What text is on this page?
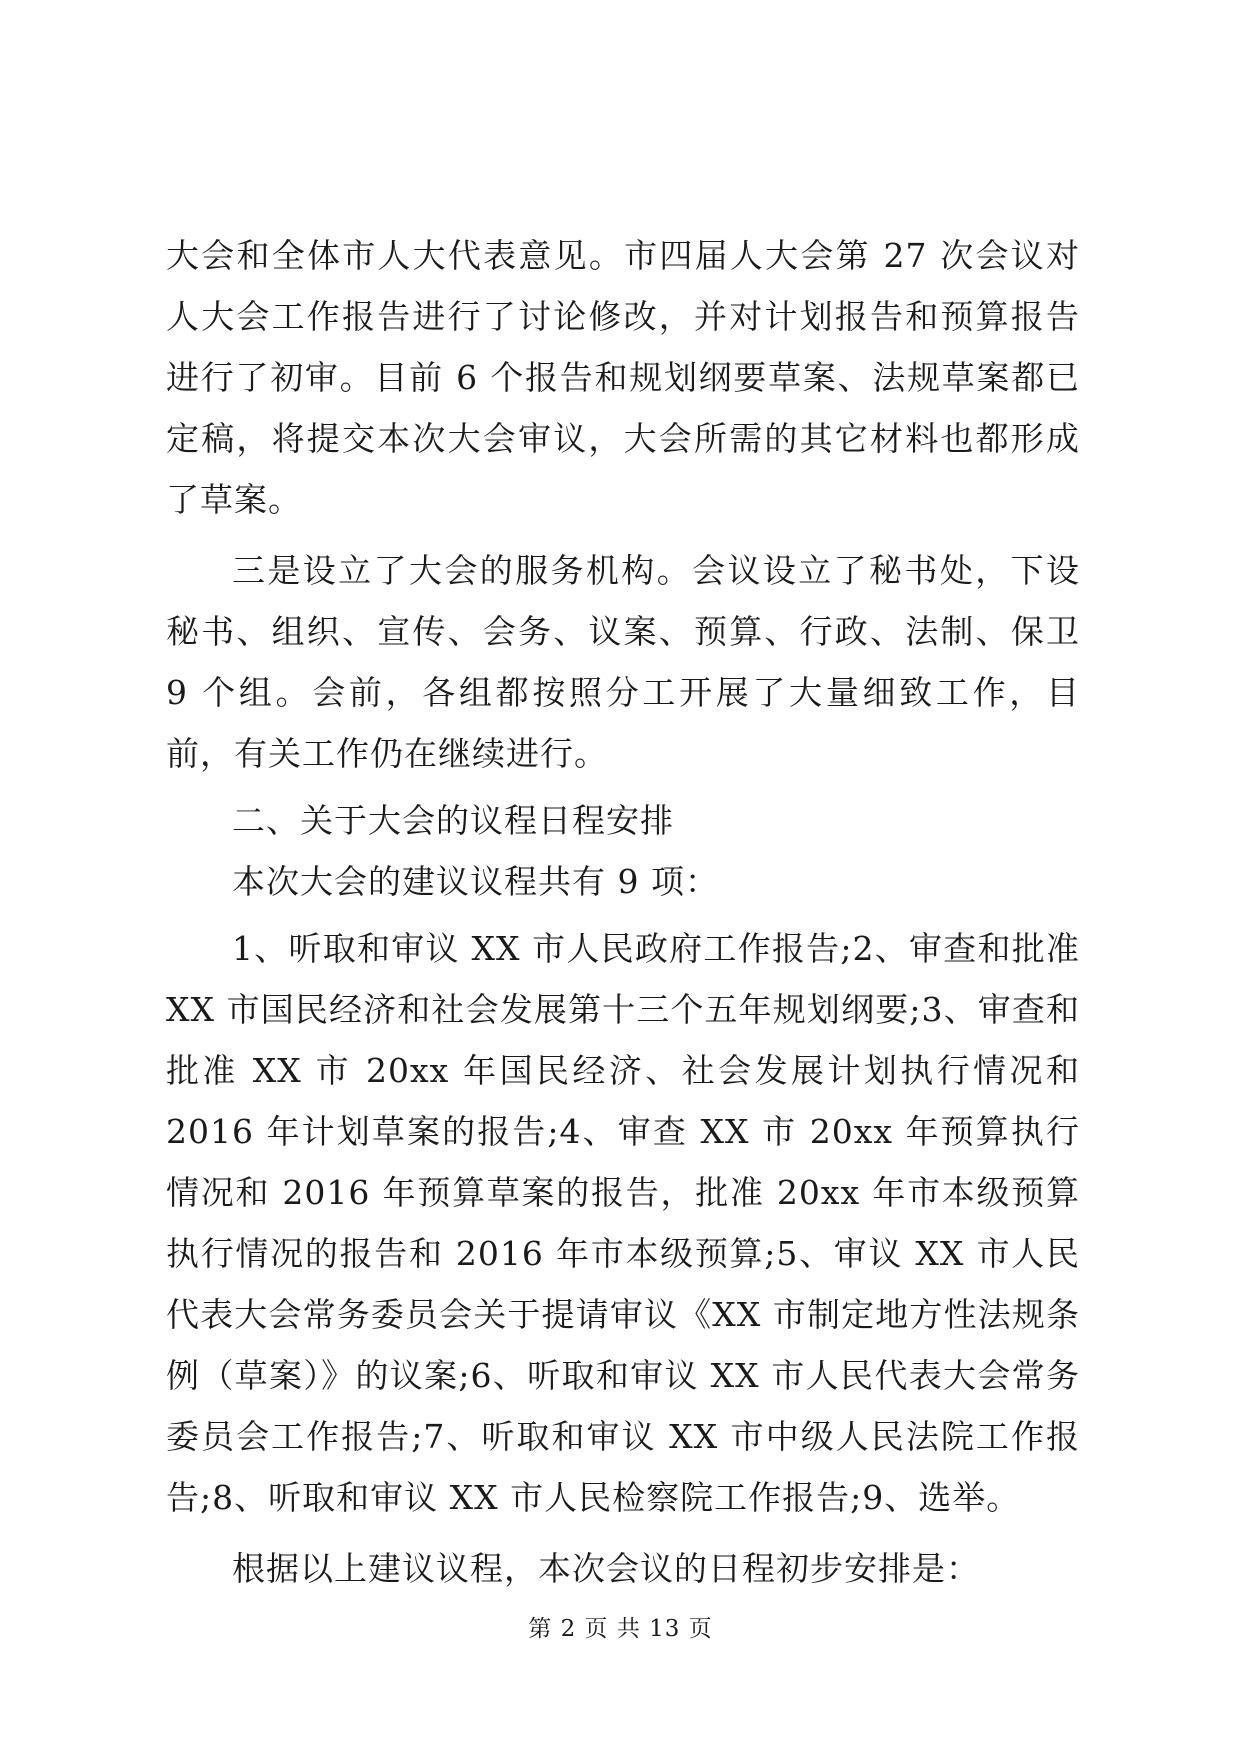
大会和全体市人大代表意见。市四届人大会第 27 次会议对人大会工作报告进行了讨论修改，并对计划报告和预算报告进行了初审。目前 6 个报告和规划纲要草案、法规草案都已定稿，将提交本次大会审议，大会所需的其它材料也都形成了草案。

三是设立了大会的服务机构。会议设立了秘书处，下设秘书、组织、宣传、会务、议案、预算、行政、法制、保卫 9 个组。会前，各组都按照分工开展了大量细致工作，目前，有关工作仍在继续进行。

二、关于大会的议程日程安排

本次大会的建议议程共有 9 项：

1、听取和审议 XX 市人民政府工作报告;2、审查和批准 XX 市国民经济和社会发展第十三个五年规划纲要;3、审查和批准 XX 市 20xx 年国民经济、社会发展计划执行情况和 2016 年计划草案的报告;4、审查 XX 市 20xx 年预算执行情况和 2016 年预算草案的报告，批准 20xx 年市本级预算执行情况的报告和 2016 年市本级预算;5、审议 XX 市人民代表大会常务委员会关于提请审议《XX 市制定地方性法规条例（草案）》的议案;6、听取和审议 XX 市人民代表大会常务委员会工作报告;7、听取和审议 XX 市中级人民法院工作报告;8、听取和审议 XX 市人民检察院工作报告;9、选举。

根据以上建议议程，本次会议的日程初步安排是：

第 2 页 共 13 页
